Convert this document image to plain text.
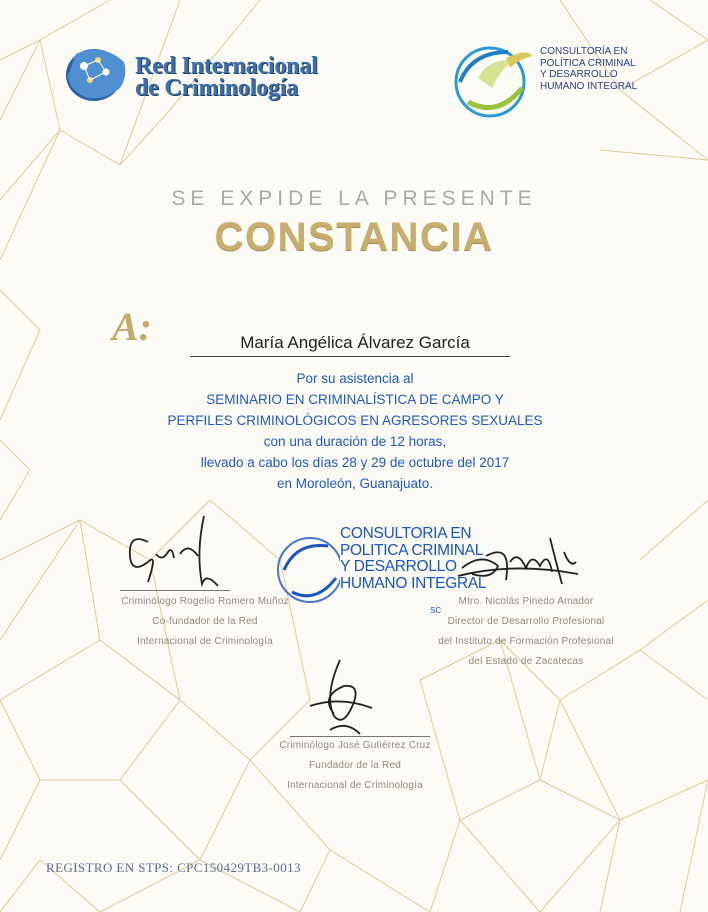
Red Internacional
de Criminología
CONSULTORÍA EN
POLÍTICA CRIMINAL
Y DESARROLLO
HUMANO INTEGRAL
SE EXPIDE LA PRESENTE
CONSTANCIA
A:	María Angélica Álvarez García
Por su asistencia al
SEMINARIO EN CRIMINALÍSTICA DE CAMPO Y
PERFILES CRIMINOLÓGICOS EN AGRESORES SEXUALES
con una duración de 12 horas,
llevado a cabo los días 28 y 29 de octubre del 2017
en Moroleón, Guanajuato.
CONSULTORIA EN
POLITICA CRIMINAL
Y DESARROLLO
HUMANO INTEGRAL
SC
Criminólogo Rogelio Romero Muñoz
Co-fundador de la Red
Internacional de Criminología
Mtro. Nicolás Pinedo Amador
Director de Desarrollo Profesional
del Instituto de Formación Profesional
del Estado de Zacatecas
Criminólogo José Gutiérrez Cruz
Fundador de la Red
Internacional de Criminología
REGISTRO EN STPS: CPC150429TB3-0013
